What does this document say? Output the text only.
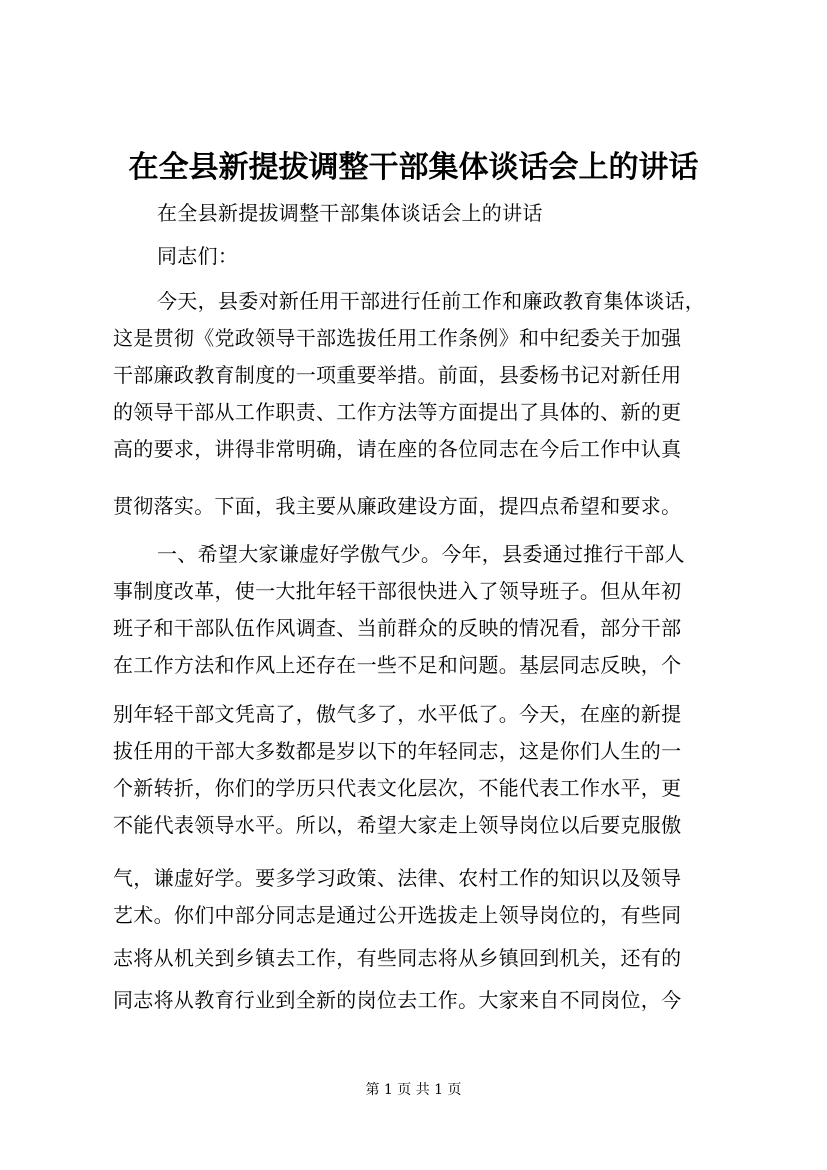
在全县新提拔调整干部集体谈话会上的讲话
在全县新提拔调整干部集体谈话会上的讲话
同志们：
今天，县委对新任用干部进行任前工作和廉政教育集体谈话，
这是贯彻《党政领导干部选拔任用工作条例》和中纪委关于加强
干部廉政教育制度的一项重要举措。前面，县委杨书记对新任用
的领导干部从工作职责、工作方法等方面提出了具体的、新的更
高的要求，讲得非常明确，请在座的各位同志在今后工作中认真
贯彻落实。下面，我主要从廉政建设方面，提四点希望和要求。
一、希望大家谦虚好学傲气少。今年，县委通过推行干部人
事制度改革，使一大批年轻干部很快进入了领导班子。但从年初
班子和干部队伍作风调查、当前群众的反映的情况看，部分干部
在工作方法和作风上还存在一些不足和问题。基层同志反映，个
别年轻干部文凭高了，傲气多了，水平低了。今天，在座的新提
拔任用的干部大多数都是岁以下的年轻同志，这是你们人生的一
个新转折，你们的学历只代表文化层次，不能代表工作水平，更
不能代表领导水平。所以，希望大家走上领导岗位以后要克服傲
气，谦虚好学。要多学习政策、法律、农村工作的知识以及领导
艺术。你们中部分同志是通过公开选拔走上领导岗位的，有些同
志将从机关到乡镇去工作，有些同志将从乡镇回到机关，还有的
同志将从教育行业到全新的岗位去工作。大家来自不同岗位，今
第 1 页 共 1 页
